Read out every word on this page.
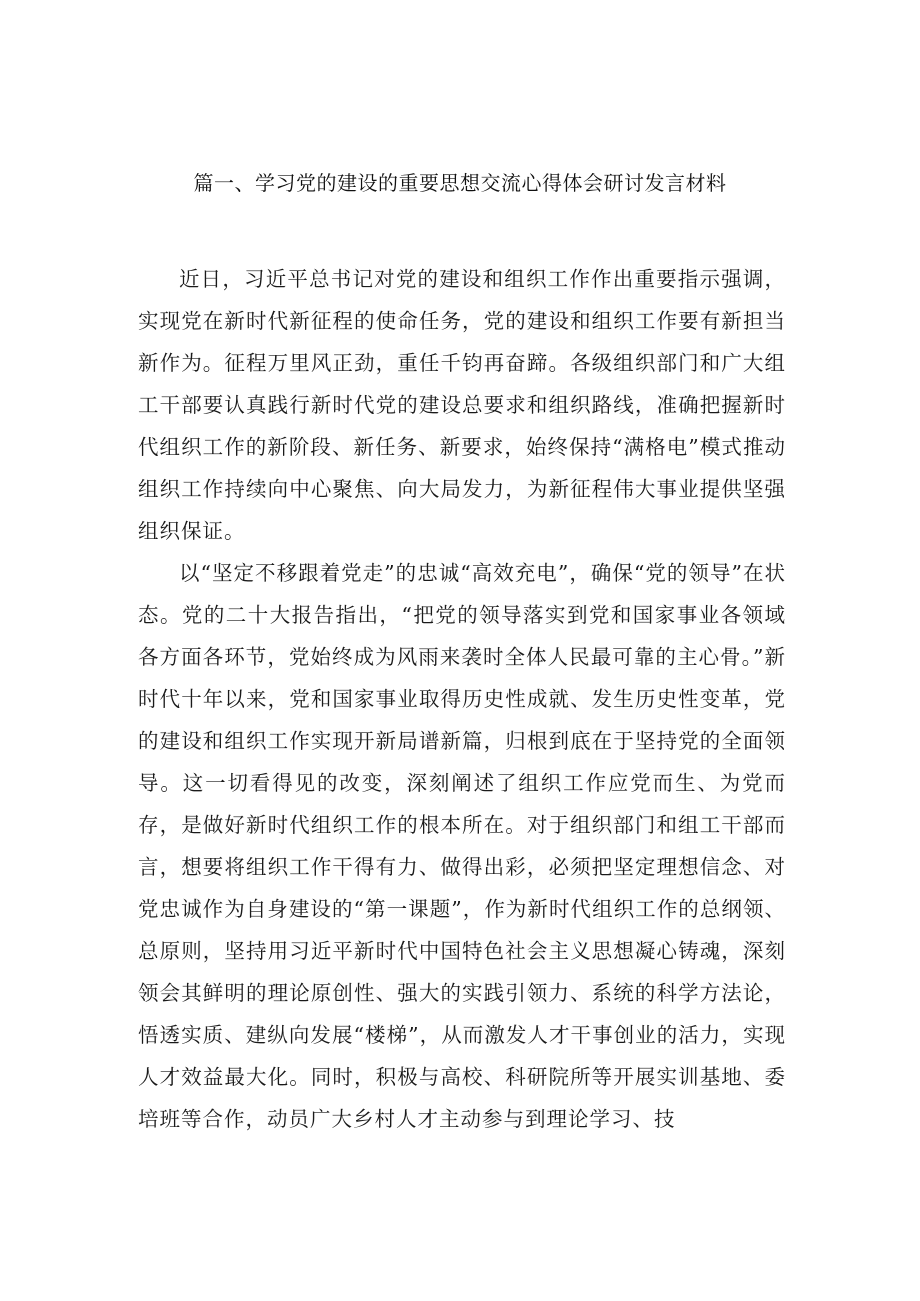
篇一、学习党的建设的重要思想交流心得体会研讨发言材料

近日，习近平总书记对党的建设和组织工作作出重要指示强调，实现党在新时代新征程的使命任务，党的建设和组织工作要有新担当新作为。征程万里风正劲，重任千钧再奋蹄。各级组织部门和广大组工干部要认真践行新时代党的建设总要求和组织路线，准确把握新时代组织工作的新阶段、新任务、新要求，始终保持“满格电”模式推动组织工作持续向中心聚焦、向大局发力，为新征程伟大事业提供坚强组织保证。

以“坚定不移跟着党走”的忠诚“高效充电”，确保“党的领导”在状态。党的二十大报告指出，“把党的领导落实到党和国家事业各领域各方面各环节，党始终成为风雨来袭时全体人民最可靠的主心骨。”新时代十年以来，党和国家事业取得历史性成就、发生历史性变革，党的建设和组织工作实现开新局谱新篇，归根到底在于坚持党的全面领导。这一切看得见的改变，深刻阐述了组织工作应党而生、为党而存，是做好新时代组织工作的根本所在。对于组织部门和组工干部而言，想要将组织工作干得有力、做得出彩，必须把坚定理想信念、对党忠诚作为自身建设的“第一课题”，作为新时代组织工作的总纲领、总原则，坚持用习近平新时代中国特色社会主义思想凝心铸魂，深刻领会其鲜明的理论原创性、强大的实践引领力、系统的科学方法论，悟透实质、建纵向发展“楼梯”，从而激发人才干事创业的活力，实现人才效益最大化。同时，积极与高校、科研院所等开展实训基地、委培班等合作，动员广大乡村人才主动参与到理论学习、技
